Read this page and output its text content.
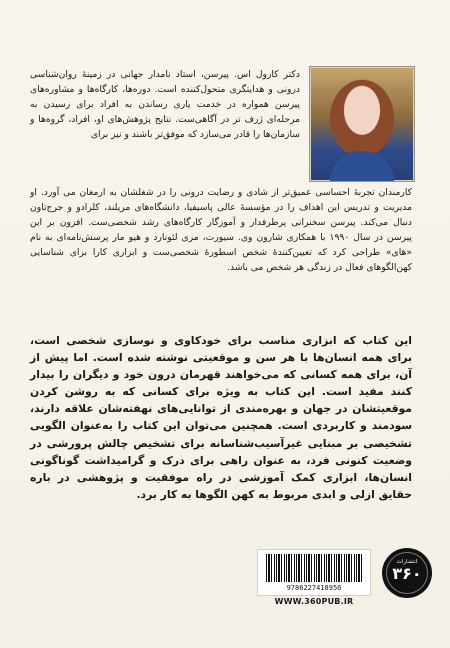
دکتر کارول اس. پیرسن، استاد نامدار جهانی در زمینهٔ روان‌شناسی درونی و هدایتگری متحول‌کننده است. دوره‌ها، کارگاه‌ها و مشاوره‌های پیرسن همواره در خدمت یاری رساندن به افراد برای رسیدن به مرحله‌ای ژرف تر در آگاهی‌ست. نتایج پژوهش‌های او، افراد، گروه‌ها و سازمان‌ها را قادر می‌سازد که موفق‌تر باشند و نیز برای

کارمندان تجربهٔ احساسی عمیق‌تر از شادی و رضایت درونی را در شغلشان به ارمغان می آورد. او مدیریت و تدریس این اهداف را در مؤسسهٔ عالی پاسیفیا، دانشگاه‌های مریلند، کلرادو و جرج‌تاون دنبال می‌کند. پیرسن سخنرانی پرطرفدار و آموزگار کارگاه‌های رشد شخصی‌ست. افزون بر این پیرسن در سال ۱۹۹۰ با همکاری شارون وی. سیورت، مری لئونارد و هیو مار پرسش‌نامه‌ای به نام «های» طراحی کرد که تعیین‌کنندهٔ شخص اسطورهٔ شخصی‌ست و ابزاری کارا برای شناسایی کهن‌الگوهای فعال در زندگی هر شخص می باشد.

این کتاب که ابزاری مناسب برای خودکاوی و نوسازی شخصی است، برای همه انسان‌ها با هر سن و موقعیتی نوشته شده است. اما پیش از آن، برای همه کسانی که می‌خواهند قهرمان درون خود و دیگران را بیدار کنند مفید است. این کتاب به ویژه برای کسانی که به روشن کردن موقعیتشان در جهان و بهره‌مندی از توانایی‌های نهفته‌شان علاقه دارند، سودمند و کاربردی است. همچنین می‌توان این کتاب را به‌عنوان الگویی تشخیصی بر مبنایی غیرآسیب‌شناسانه برای تشخیص چالش پرورشی در وضعیت کنونی فرد، به عنوان راهی برای درک و گرامیداشت گوناگونی انسان‌ها، ابزاری کمک آموزشی در راه موفقیت و پژوهشی در باره حقایق ازلی و ابدی مربوط به کهن الگوها به کار برد.

9786227418956
WWW.360PUB.IR
انتشارات
۳۶۰
